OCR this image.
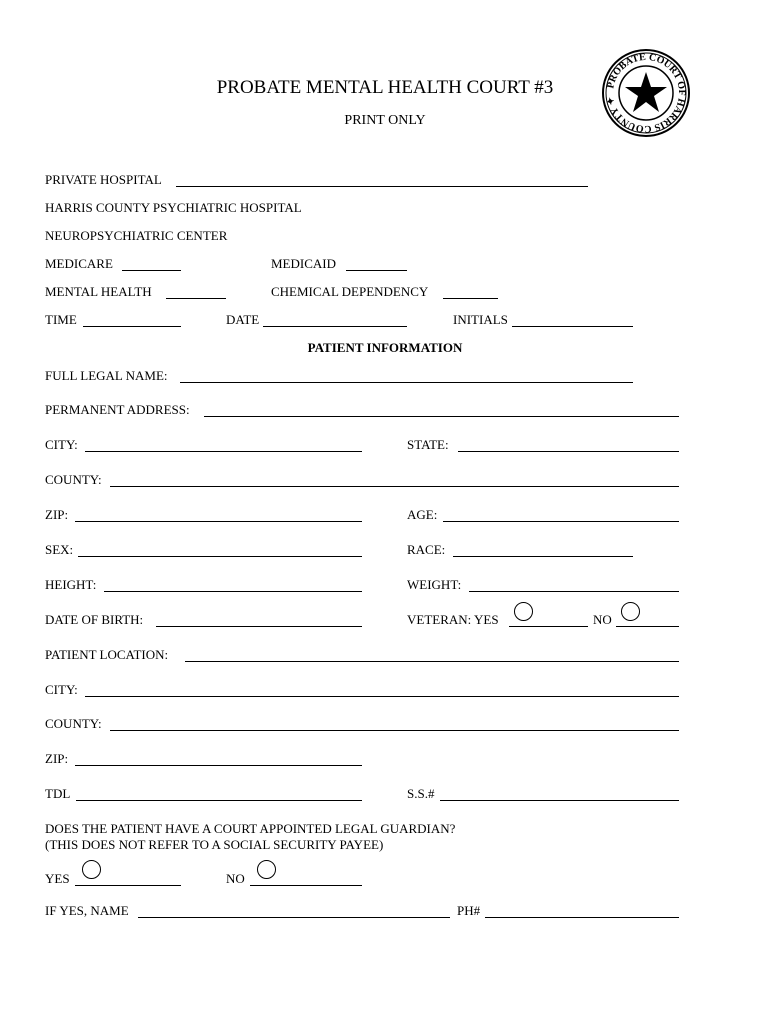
PROBATE COURT OF HARRIS COUNTY ✦
PROBATE MENTAL HEALTH COURT #3
PRINT ONLY
PRIVATE HOSPITAL
HARRIS COUNTY PSYCHIATRIC HOSPITAL
NEUROPSYCHIATRIC CENTER
MEDICARE	MEDICAID
MENTAL HEALTH	CHEMICAL DEPENDENCY
TIME	DATE	INITIALS
PATIENT INFORMATION
FULL LEGAL NAME:
PERMANENT ADDRESS:
CITY:	STATE:
COUNTY:
ZIP:	AGE:
SEX:	RACE:
HEIGHT:	WEIGHT:
DATE OF BIRTH:	VETERAN: YES	NO
PATIENT LOCATION:
CITY:
COUNTY:
ZIP:
TDL	S.S.#
DOES THE PATIENT HAVE A COURT APPOINTED LEGAL GUARDIAN?
(THIS DOES NOT REFER TO A SOCIAL SECURITY PAYEE)
YES	NO
IF YES, NAME	PH#
